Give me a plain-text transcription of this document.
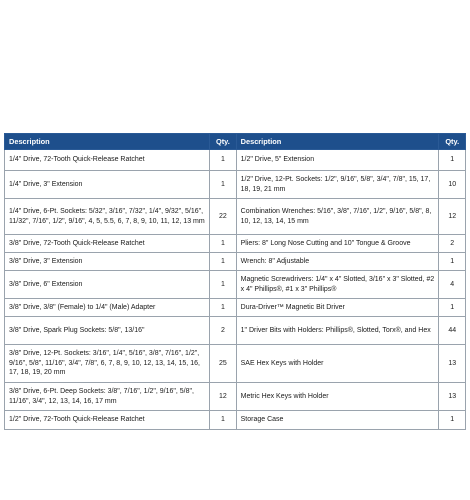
Description	Qty.	Description	Qty.
1/4" Drive, 72-Tooth Quick-Release Ratchet	1	1/2" Drive, 5" Extension	1
1/4" Drive, 3" Extension	1	1/2" Drive, 12-Pt. Sockets: 1/2", 9/16", 5/8", 3/4", 7/8", 15, 17, 18, 19, 21 mm	10
1/4" Drive, 6-Pt. Sockets: 5/32", 3/16", 7/32", 1/4", 9/32", 5/16", 11/32", 7/16", 1/2", 9/16", 4, 5, 5.5, 6, 7, 8, 9, 10, 11, 12, 13 mm	22	Combination Wrenches: 5/16", 3/8", 7/16", 1/2", 9/16", 5/8", 8, 10, 12, 13, 14, 15 mm	12
3/8" Drive, 72-Tooth Quick-Release Ratchet	1	Pliers: 8" Long Nose Cutting and 10" Tongue & Groove	2
3/8" Drive, 3" Extension	1	Wrench: 8" Adjustable	1
3/8" Drive, 6" Extension	1	Magnetic Screwdrivers: 1/4" x 4" Slotted, 3/16" x 3" Slotted, #2 x 4" Phillips®, #1 x 3" Phillips®	4
3/8" Drive, 3/8" (Female) to 1/4" (Male) Adapter	1	Dura-Driver™ Magnetic Bit Driver	1
3/8" Drive, Spark Plug Sockets: 5/8", 13/16"	2	1" Driver Bits with Holders: Phillips®, Slotted, Torx®, and Hex	44
3/8" Drive, 12-Pt. Sockets: 3/16", 1/4", 5/16", 3/8", 7/16", 1/2", 9/16", 5/8", 11/16", 3/4", 7/8", 6, 7, 8, 9, 10, 12, 13, 14, 15, 16, 17, 18, 19, 20 mm	25	SAE Hex Keys with Holder	13
3/8" Drive, 6-Pt. Deep Sockets: 3/8", 7/16", 1/2", 9/16", 5/8", 11/16", 3/4", 12, 13, 14, 16, 17 mm	12	Metric Hex Keys with Holder	13
1/2" Drive, 72-Tooth Quick-Release Ratchet	1	Storage Case	1
